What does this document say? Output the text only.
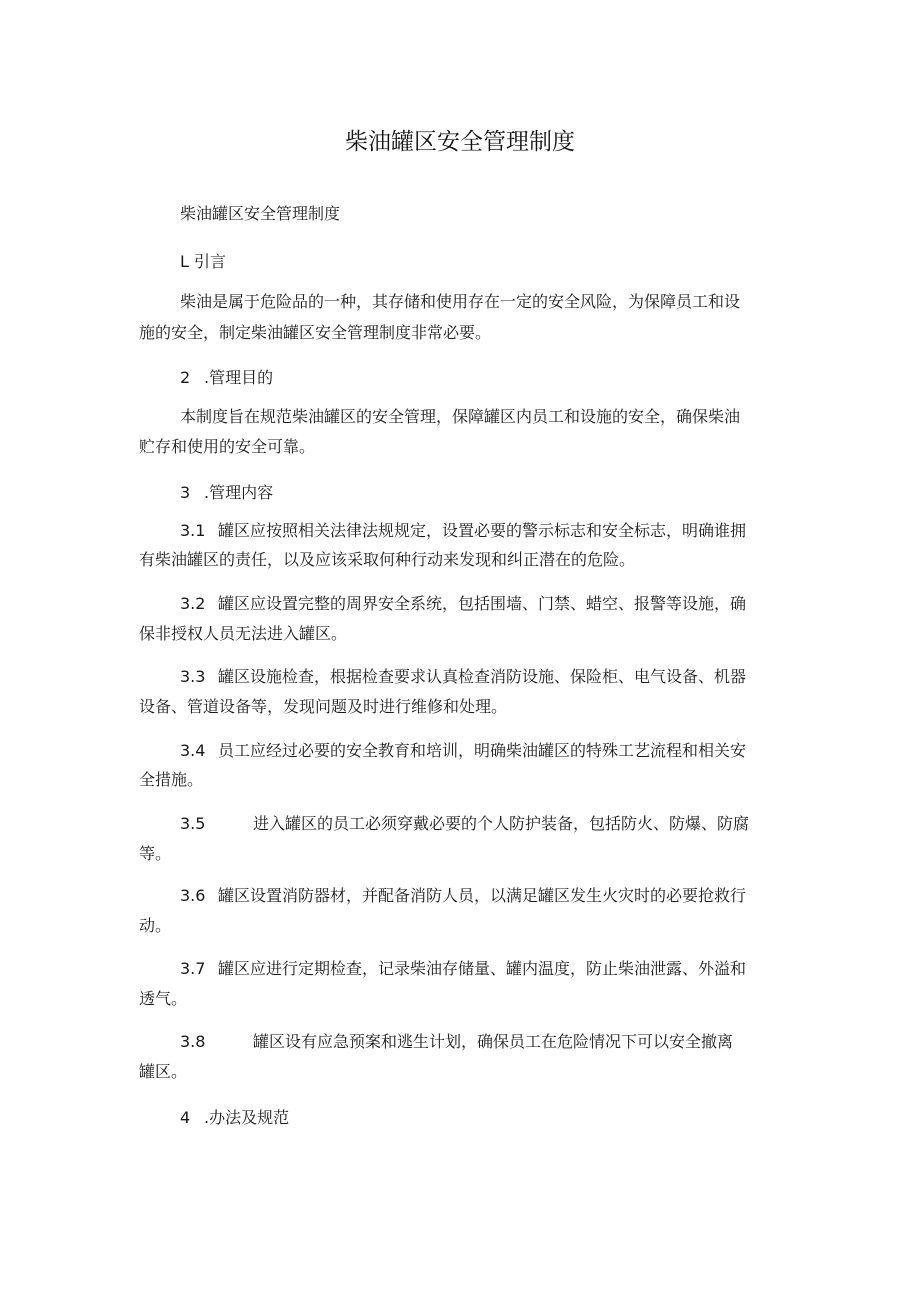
柴油罐区安全管理制度
柴油罐区安全管理制度
L 引言
柴油是属于危险品的一种，其存储和使用存在一定的安全风险，为保障员工和设
施的安全，制定柴油罐区安全管理制度非常必要。
2 .管理目的
本制度旨在规范柴油罐区的安全管理，保障罐区内员工和设施的安全，确保柴油
贮存和使用的安全可靠。
3 .管理内容
3.1 罐区应按照相关法律法规规定，设置必要的警示标志和安全标志，明确谁拥
有柴油罐区的责任，以及应该采取何种行动来发现和纠正潜在的危险。
3.2 罐区应设置完整的周界安全系统，包括围墙、门禁、蜡空、报警等设施，确
保非授权人员无法进入罐区。
3.3 罐区设施检查，根据检查要求认真检查消防设施、保险柜、电气设备、机器
设备、管道设备等，发现问题及时进行维修和处理。
3.4 员工应经过必要的安全教育和培训，明确柴油罐区的特殊工艺流程和相关安
全措施。
3.5	进入罐区的员工必须穿戴必要的个人防护装备，包括防火、防爆、防腐
等。
3.6 罐区设置消防器材，并配备消防人员，以满足罐区发生火灾时的必要抢救行
动。
3.7 罐区应进行定期检查，记录柴油存储量、罐内温度，防止柴油泄露、外溢和
透气。
3.8	罐区设有应急预案和逃生计划，确保员工在危险情况下可以安全撤离
罐区。
4 .办法及规范
